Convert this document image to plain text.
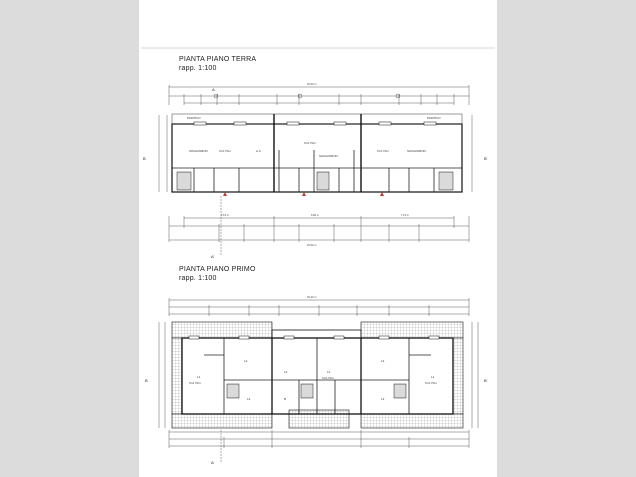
PIANTA PIANO TERRA
rapp. 1:100
PIANTA PIANO PRIMO
rapp. 1:100
20,00 m
A
B	B'
PORTICO	PORTICO
SOGGIORNO	h=2,70m	A.C.
SOGGIORNO
h=2,70m
SOGGIORNO
h=2,70m
7,15 m	6,80 m	7,15 m
20,00 m
A'
20,40 m
B	B'
L1
h=2,70m
L2
L3
L2	L1
h=2,70m
B
L2
L1
h=2,70m
L3
A'
